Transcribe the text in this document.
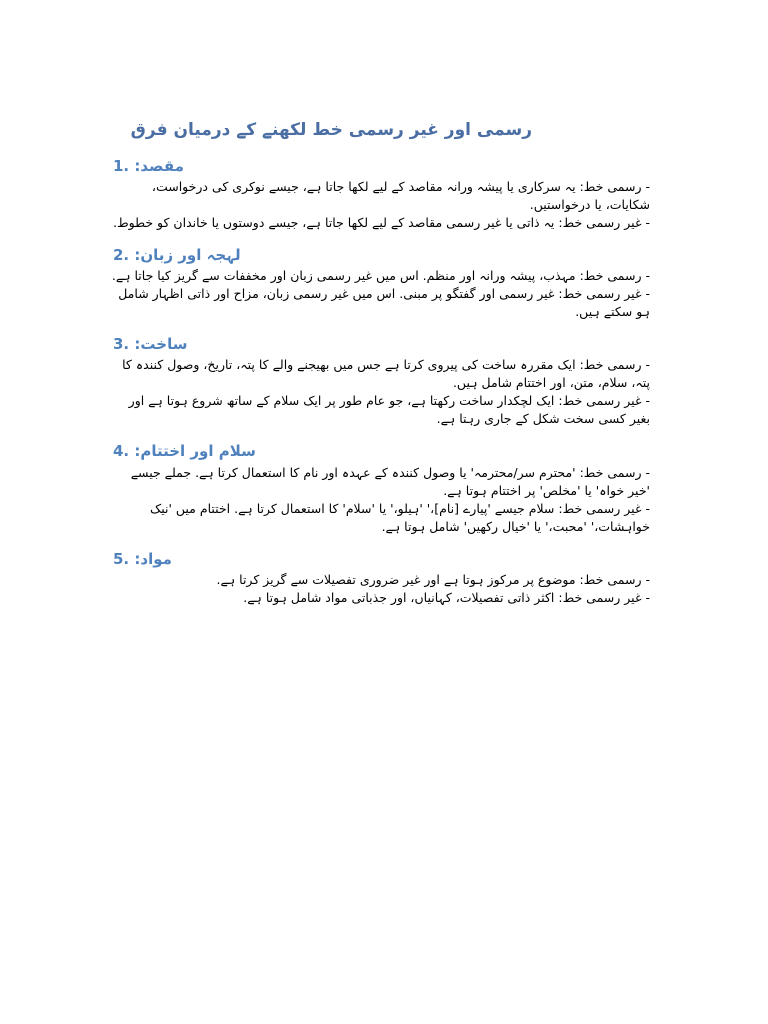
رسمی اور غیر رسمی خط لکھنے کے درمیان فرق
1. مقصد:

- رسمی خط: یہ سرکاری یا پیشہ ورانہ مقاصد کے لیے لکھا جاتا ہے، جیسے نوکری کی درخواست، شکایات، یا درخواستیں.

- غیر رسمی خط: یہ ذاتی یا غیر رسمی مقاصد کے لیے لکھا جاتا ہے، جیسے دوستوں یا خاندان کو خطوط.

2. لہجہ اور زبان:

- رسمی خط: مہذب، پیشہ ورانہ اور منظم. اس میں غیر رسمی زبان اور مخففات سے گریز کیا جاتا ہے.

- غیر رسمی خط: غیر رسمی اور گفتگو پر مبنی. اس میں غیر رسمی زبان، مزاح اور ذاتی اظہار شامل ہو سکتے ہیں.

3. ساخت:

- رسمی خط: ایک مقررہ ساخت کی پیروی کرتا ہے جس میں بھیجنے والے کا پتہ، تاریخ، وصول کنندہ کا پتہ، سلام، متن، اور اختتام شامل ہیں.

- غیر رسمی خط: ایک لچکدار ساخت رکھتا ہے، جو عام طور پر ایک سلام کے ساتھ شروع ہوتا ہے اور بغیر کسی سخت شکل کے جاری رہتا ہے.

4. سلام اور اختتام:

- رسمی خط: 'محترم سر/محترمہ' یا وصول کنندہ کے عہدہ اور نام کا استعمال کرتا ہے. جملے جیسے 'خیر خواہ' یا 'مخلص' پر اختتام ہوتا ہے.

- غیر رسمی خط: سلام جیسے 'پیارے [نام]،' 'ہیلو،' یا 'سلام' کا استعمال کرتا ہے. اختتام میں 'نیک خواہشات،' 'محبت،' یا 'خیال رکھیں' شامل ہوتا ہے.

5. مواد:

- رسمی خط: موضوع پر مرکوز ہوتا ہے اور غیر ضروری تفصیلات سے گریز کرتا ہے.

- غیر رسمی خط: اکثر ذاتی تفصیلات، کہانیاں، اور جذباتی مواد شامل ہوتا ہے.
